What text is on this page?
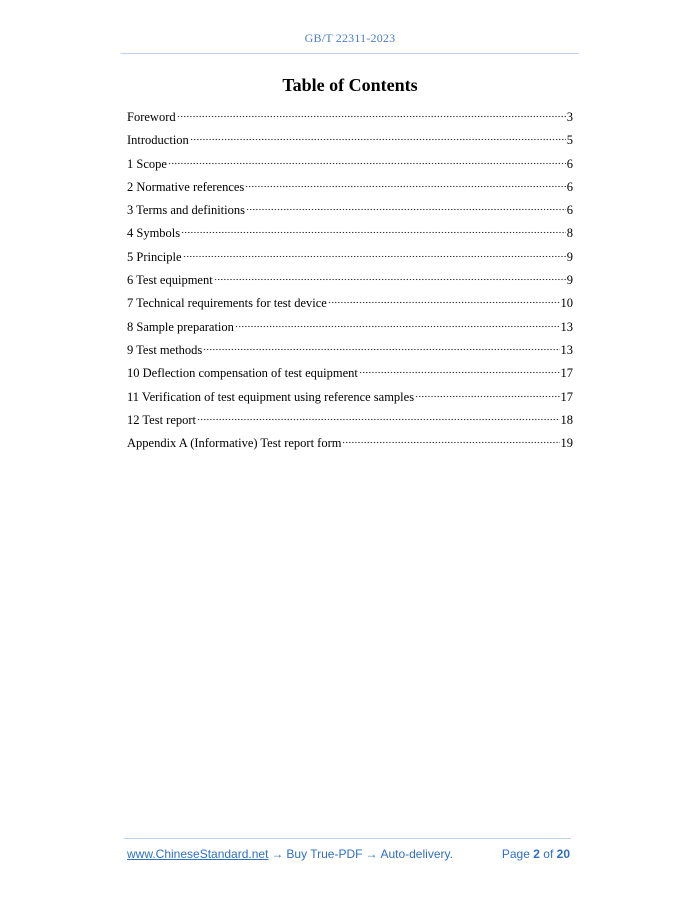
GB/T 22311-2023
Table of Contents
Foreword	3
Introduction	5
1 Scope	6
2 Normative references	6
3 Terms and definitions	6
4 Symbols	8
5 Principle	9
6 Test equipment	9
7 Technical requirements for test device	10
8 Sample preparation	13
9 Test methods	13
10 Deflection compensation of test equipment	17
11 Verification of test equipment using reference samples	17
12 Test report	18
Appendix A (Informative) Test report form	19
www.ChineseStandard.net → Buy True-PDF → Auto-delivery.	Page 2 of 20
